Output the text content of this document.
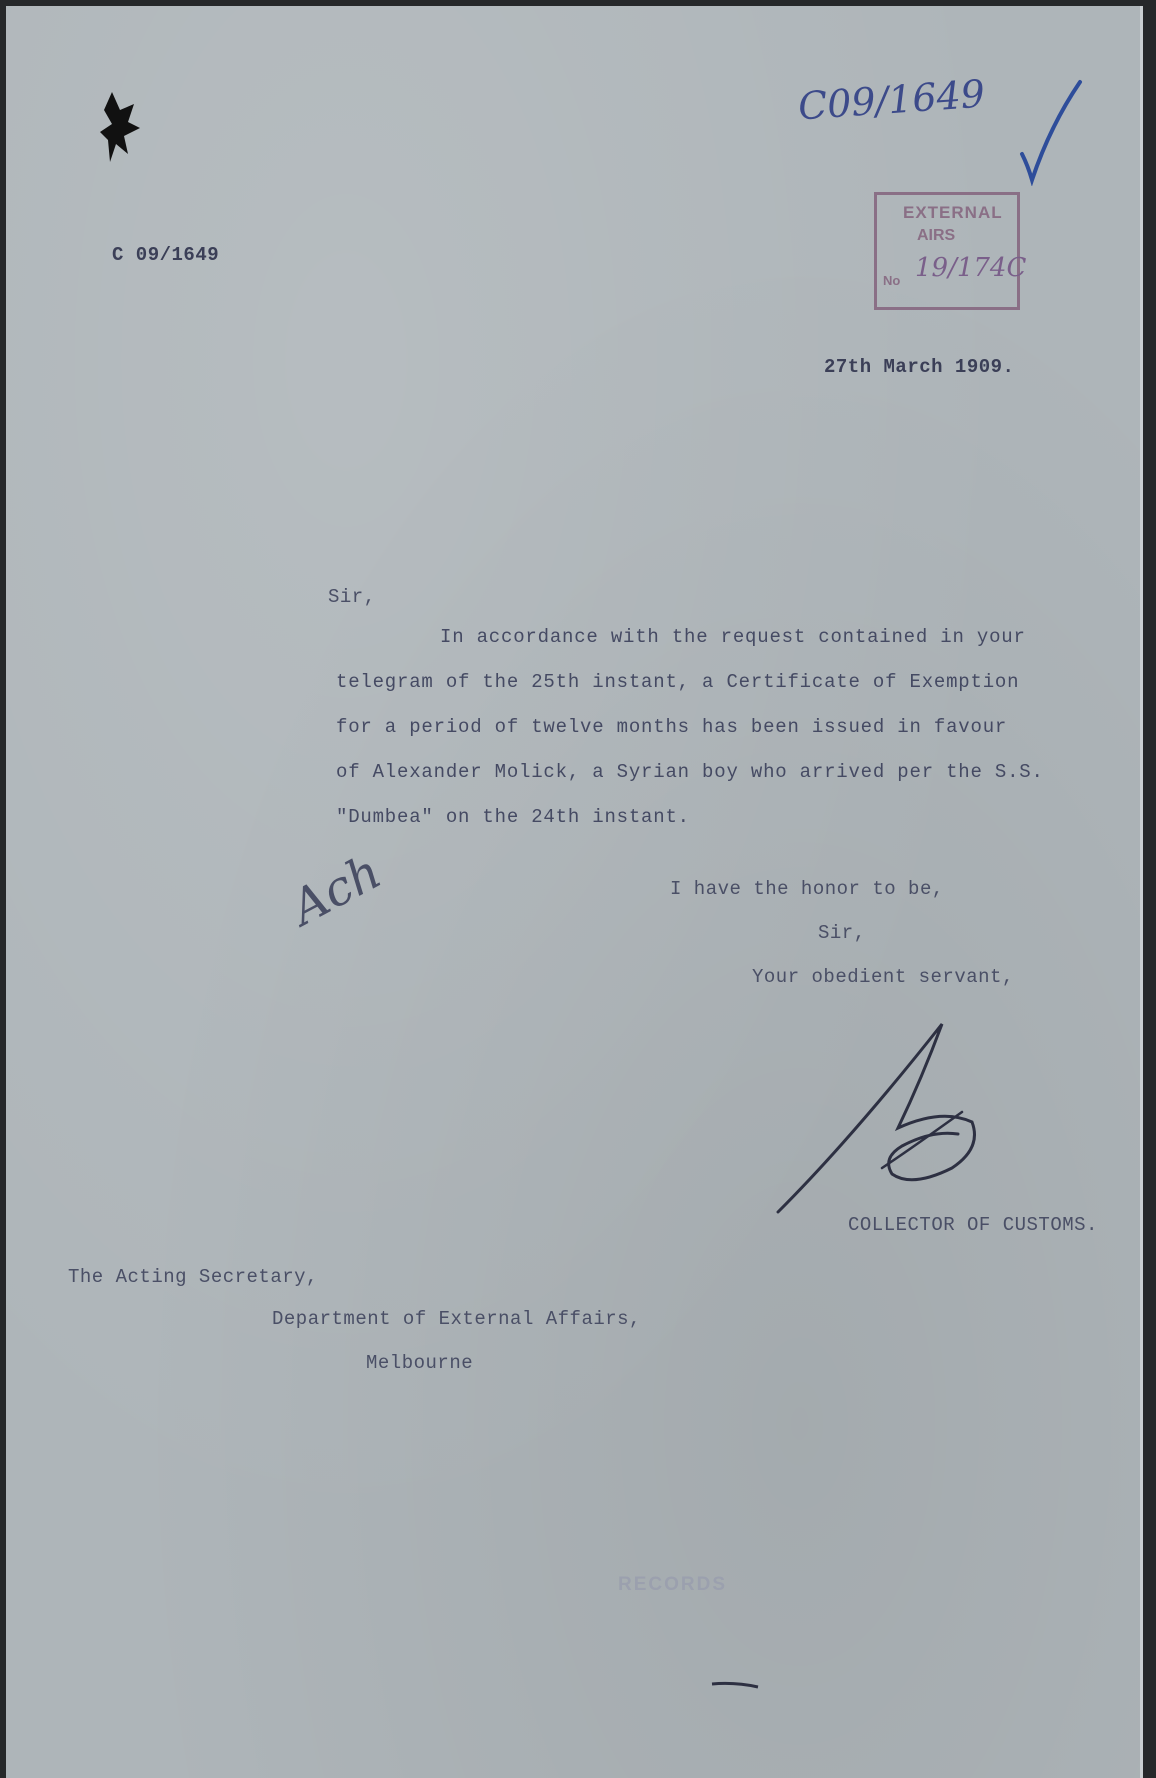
C09/1649
EXTERNAL
AIRS
19/174C
No
C 09/1649
27th March 1909.
Sir,
In accordance with the request contained in your
telegram of the 25th instant, a Certificate of Exemption
for a period of twelve months has been issued in favour
of Alexander Molick, a Syrian boy who arrived per the S.S.
"Dumbea" on the 24th instant.
Ach	I have the honor to be,
Sir,
Your obedient servant,
COLLECTOR OF CUSTOMS.
The Acting Secretary,
Department of External Affairs,
Melbourne
RECORDS
